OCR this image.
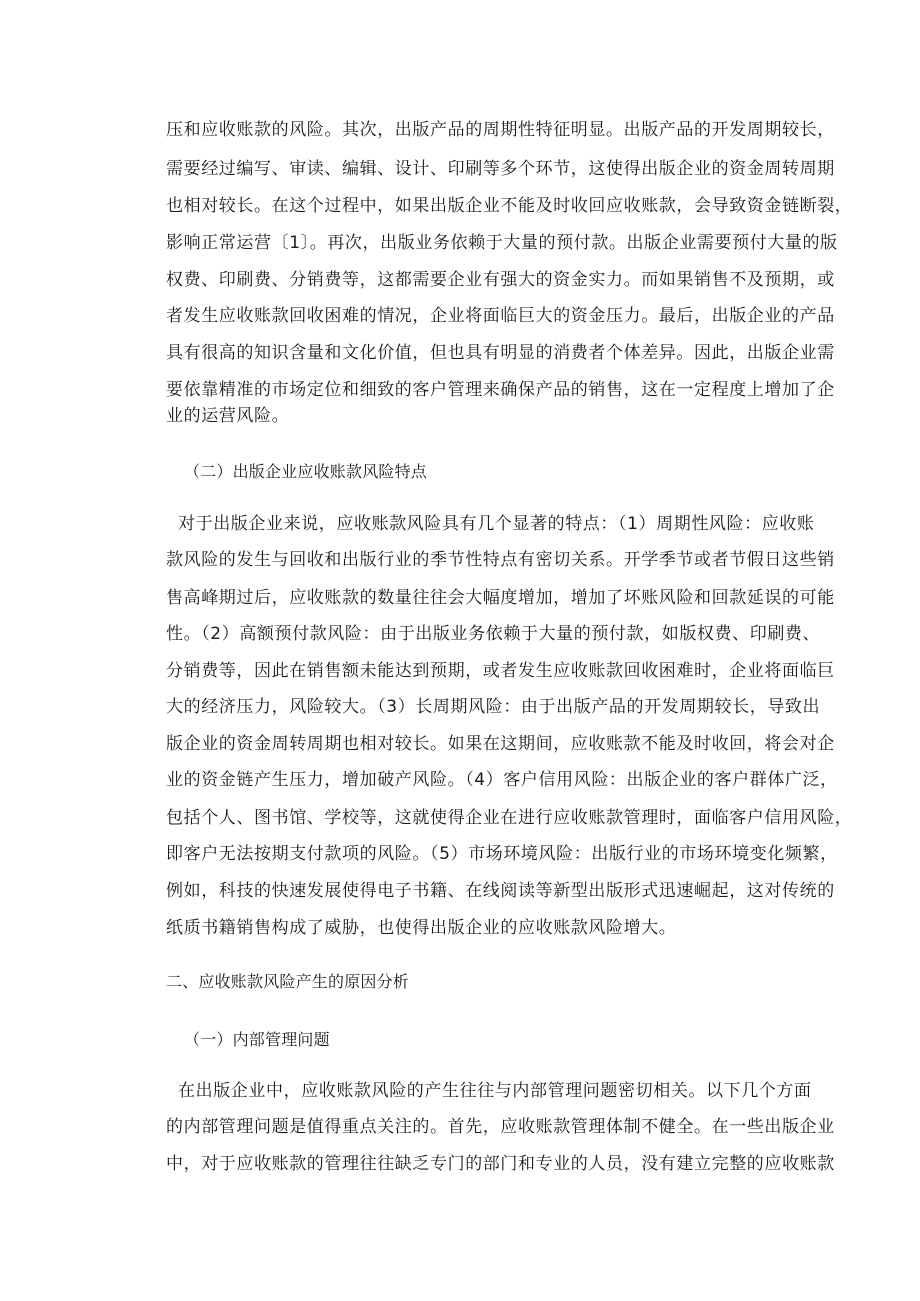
压和应收账款的风险。其次，出版产品的周期性特征明显。出版产品的开发周期较长，
需要经过编写、审读、编辑、设计、印刷等多个环节，这使得出版企业的资金周转周期
也相对较长。在这个过程中，如果出版企业不能及时收回应收账款，会导致资金链断裂，
影响正常运营〔1〕。再次，出版业务依赖于大量的预付款。出版企业需要预付大量的版
权费、印刷费、分销费等，这都需要企业有强大的资金实力。而如果销售不及预期，或
者发生应收账款回收困难的情况，企业将面临巨大的资金压力。最后，出版企业的产品
具有很高的知识含量和文化价值，但也具有明显的消费者个体差异。因此，出版企业需
要依靠精准的市场定位和细致的客户管理来确保产品的销售，这在一定程度上增加了企
业的运营风险。
（二）出版企业应收账款风险特点
对于出版企业来说，应收账款风险具有几个显著的特点：（1）周期性风险：应收账
款风险的发生与回收和出版行业的季节性特点有密切关系。开学季节或者节假日这些销
售高峰期过后，应收账款的数量往往会大幅度增加，增加了坏账风险和回款延误的可能
性。（2）高额预付款风险：由于出版业务依赖于大量的预付款，如版权费、印刷费、
分销费等，因此在销售额未能达到预期，或者发生应收账款回收困难时，企业将面临巨
大的经济压力，风险较大。（3）长周期风险：由于出版产品的开发周期较长，导致出
版企业的资金周转周期也相对较长。如果在这期间，应收账款不能及时收回，将会对企
业的资金链产生压力，增加破产风险。（4）客户信用风险：出版企业的客户群体广泛，
包括个人、图书馆、学校等，这就使得企业在进行应收账款管理时，面临客户信用风险，
即客户无法按期支付款项的风险。（5）市场环境风险：出版行业的市场环境变化频繁，
例如，科技的快速发展使得电子书籍、在线阅读等新型出版形式迅速崛起，这对传统的
纸质书籍销售构成了威胁，也使得出版企业的应收账款风险增大。
二、应收账款风险产生的原因分析
（一）内部管理问题
在出版企业中，应收账款风险的产生往往与内部管理问题密切相关。以下几个方面
的内部管理问题是值得重点关注的。首先，应收账款管理体制不健全。在一些出版企业
中，对于应收账款的管理往往缺乏专门的部门和专业的人员，没有建立完整的应收账款
